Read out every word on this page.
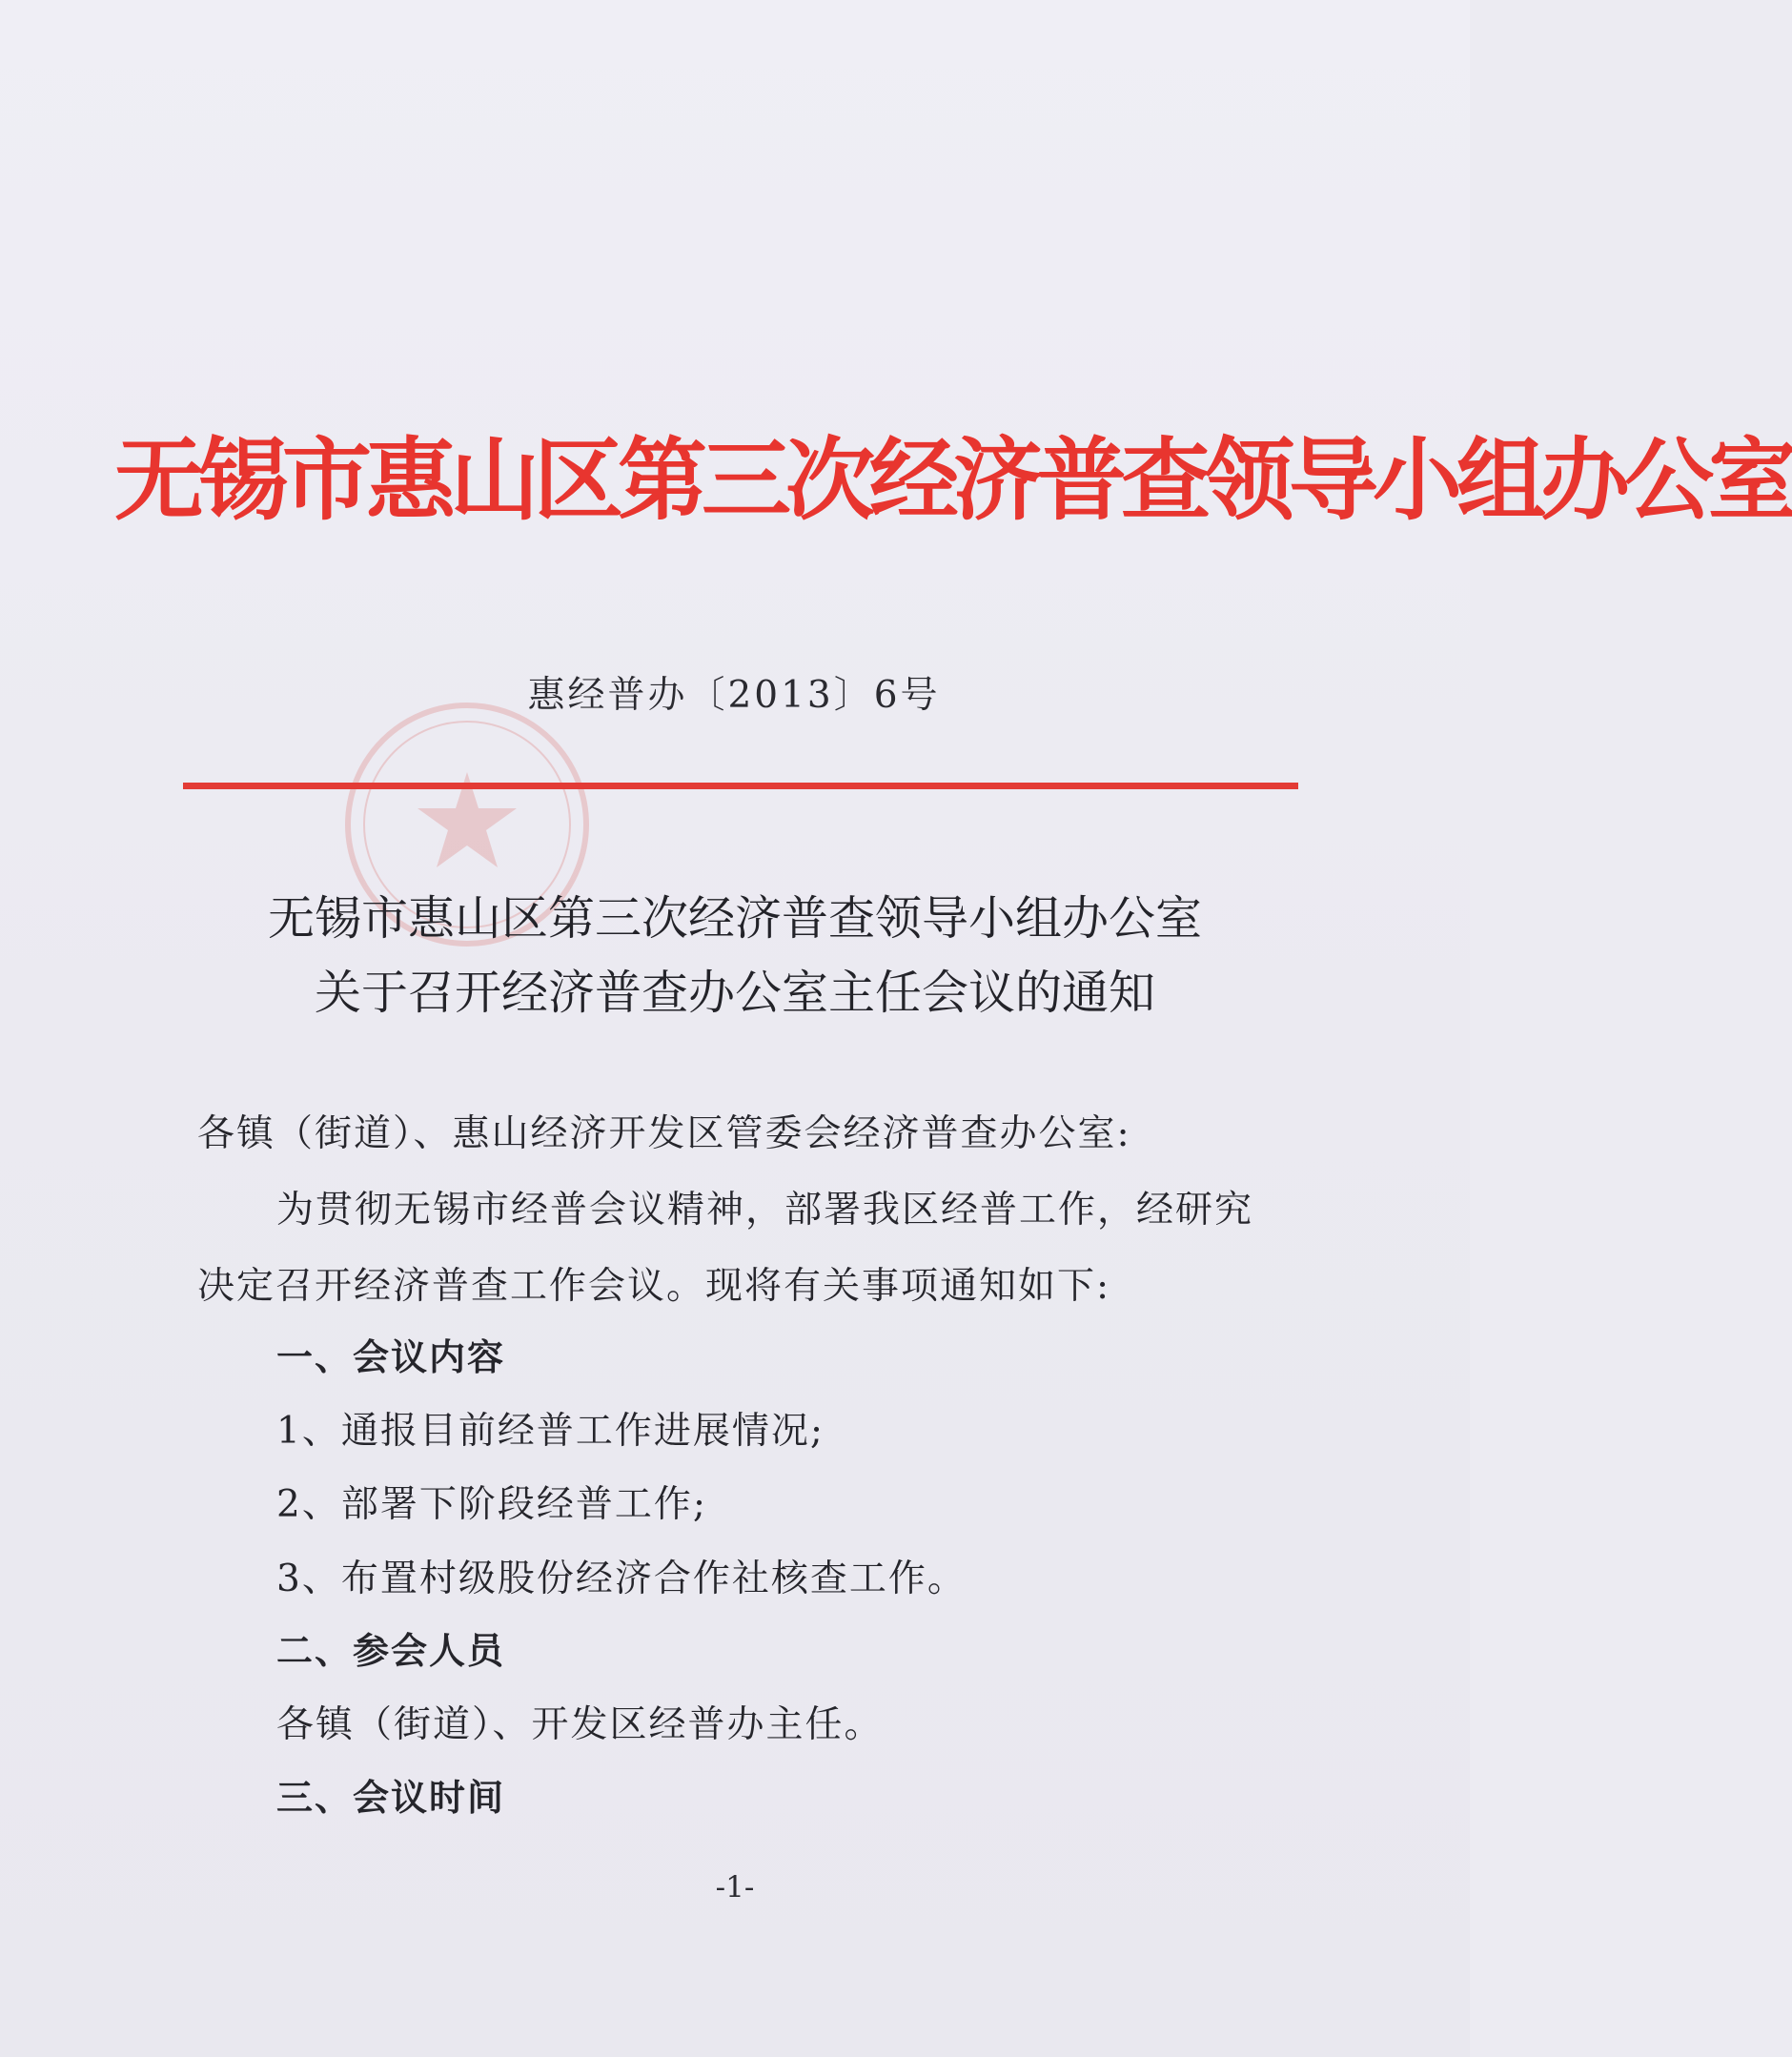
无锡市惠山区第三次经济普查领导小组办公室
惠经普办〔2013〕6号
无锡市惠山区第三次经济普查领导小组办公室
关于召开经济普查办公室主任会议的通知
各镇（街道）、惠山经济开发区管委会经济普查办公室:
为贯彻无锡市经普会议精神，部署我区经普工作，经研究
决定召开经济普查工作会议。现将有关事项通知如下:
一、会议内容
1、通报目前经普工作进展情况;
2、部署下阶段经普工作;
3、布置村级股份经济合作社核查工作。
二、参会人员
各镇（街道）、开发区经普办主任。
三、会议时间
-1-
